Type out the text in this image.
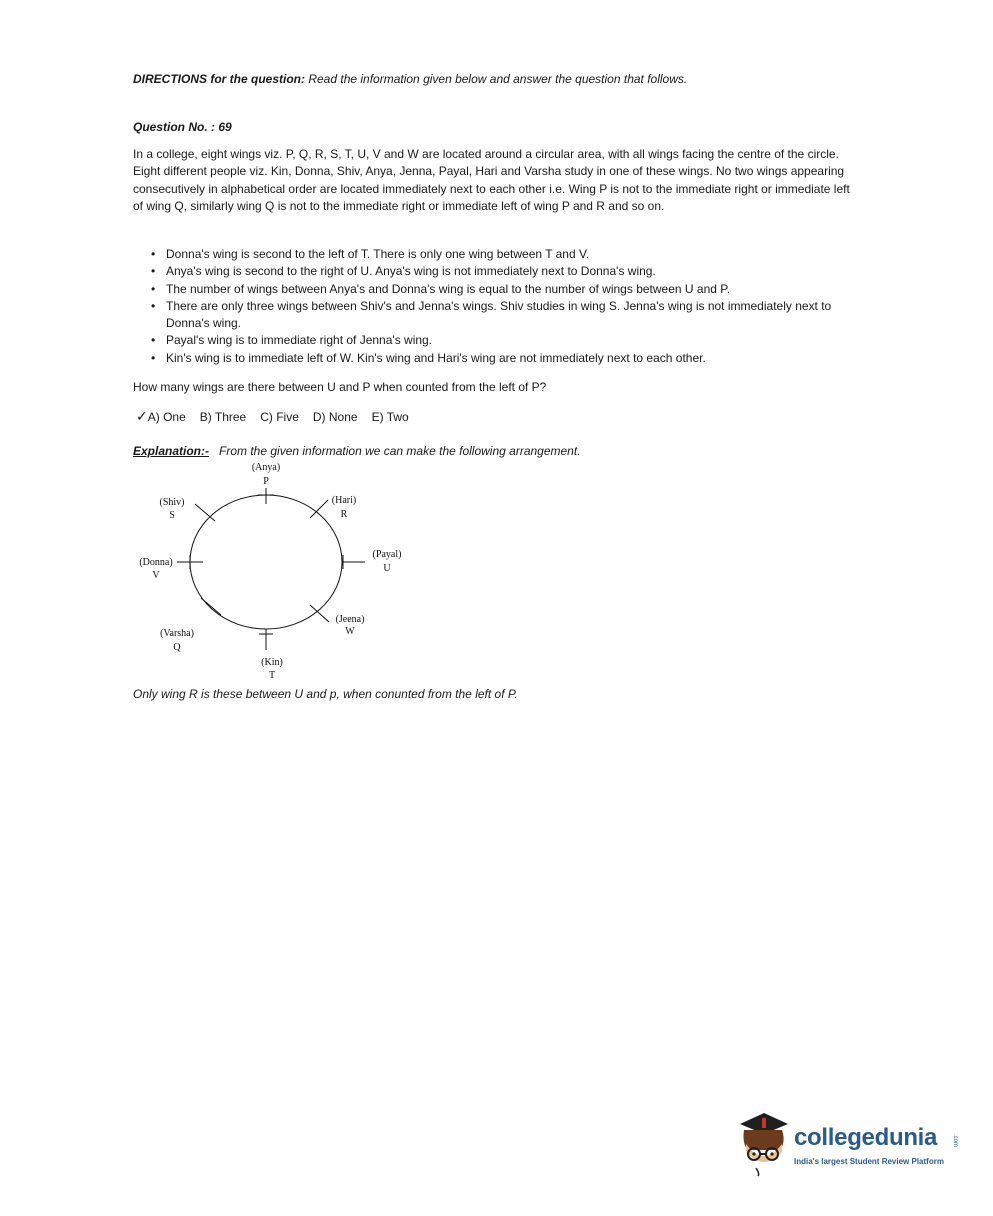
DIRECTIONS for the question: Read the information given below and answer the question that follows.
Question No. : 69
In a college, eight wings viz. P, Q, R, S, T, U, V and W are located around a circular area, with all wings facing the centre of the circle. Eight different people viz. Kin, Donna, Shiv, Anya, Jenna, Payal, Hari and Varsha study in one of these wings. No two wings appearing consecutively in alphabetical order are located immediately next to each other i.e. Wing P is not to the immediate right or immediate left of wing Q, similarly wing Q is not to the immediate right or immediate left of wing P and R and so on.
• Donna's wing is second to the left of T. There is only one wing between T and V.
• Anya's wing is second to the right of U. Anya's wing is not immediately next to Donna's wing.
• The number of wings between Anya's and Donna's wing is equal to the number of wings between U and P.
• There are only three wings between Shiv's and Jenna's wings. Shiv studies in wing S. Jenna's wing is not immediately next to Donna's wing.
• Payal's wing is to immediate right of Jenna's wing.
• Kin's wing is to immediate left of W. Kin's wing and Hari's wing are not immediately next to each other.
How many wings are there between U and P when counted from the left of P?
✓A) One B) Three C) Five D) None E) Two
Explanation:- From the given information we can make the following arrangement.
(Anya)
P
(Hari)
R
(Payal)
U
(Jeena)
W
(Kin)
T
(Varsha)
Q
(Donna)
V
(Shiv)
S
Only wing R is these between U and p, when conunted from the left of P.
collegedunia .com
India's largest Student Review Platform
